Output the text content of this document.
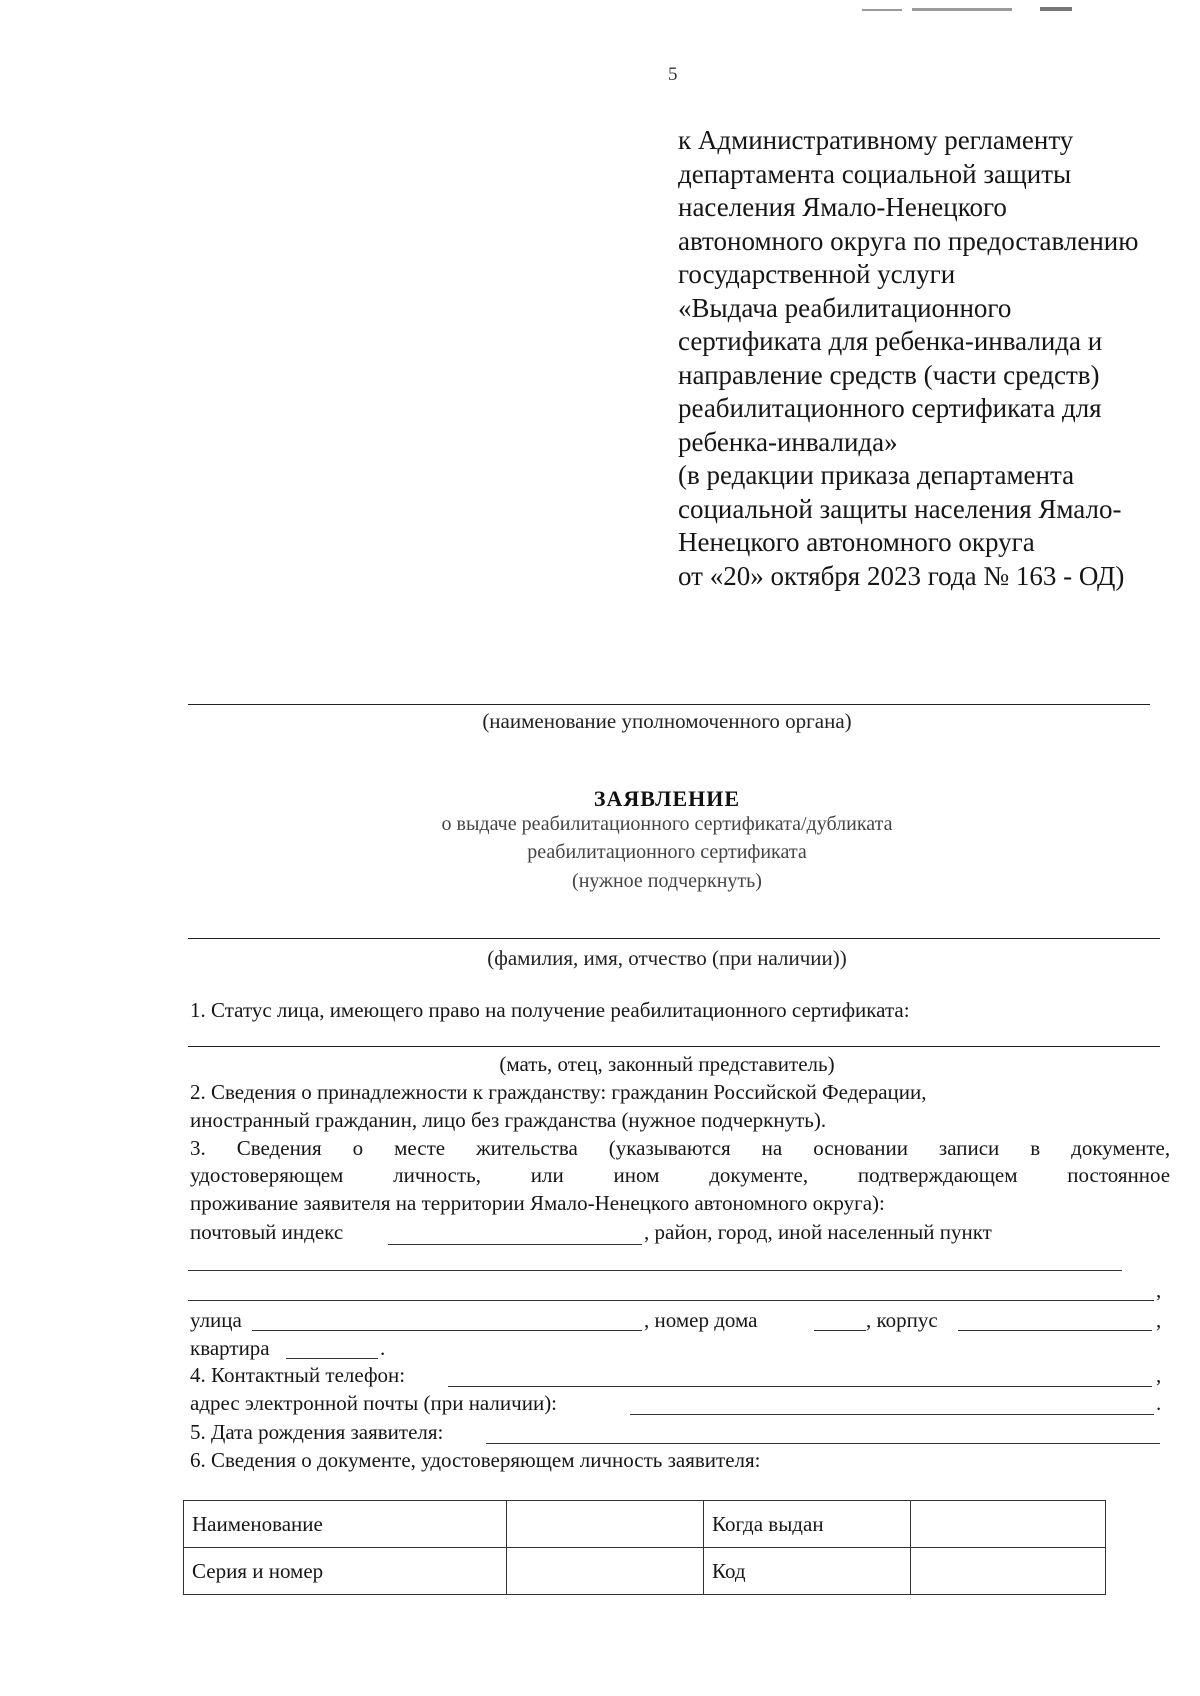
5
к Административному регламенту
департамента социальной защиты
населения Ямало-Ненецкого
автономного округа по предоставлению
государственной услуги
«Выдача реабилитационного
сертификата для ребенка-инвалида и
направление средств (части средств)
реабилитационного сертификата для
ребенка-инвалида»
(в редакции приказа департамента
социальной защиты населения Ямало-
Ненецкого автономного округа
от «20» октября 2023 года № 163 - ОД)
(наименование уполномоченного органа)
ЗАЯВЛЕНИЕ
о выдаче реабилитационного сертификата/дубликата
реабилитационного сертификата
(нужное подчеркнуть)
(фамилия, имя, отчество (при наличии))
1. Статус лица, имеющего право на получение реабилитационного сертификата:
(мать, отец, законный представитель)
2. Сведения о принадлежности к гражданству: гражданин Российской Федерации,
иностранный гражданин, лицо без гражданства (нужное подчеркнуть).
3. Сведения о месте жительства (указываются на основании записи в документе,
удостоверяющем личность, или ином документе, подтверждающем постоянное
проживание заявителя на территории Ямало-Ненецкого автономного округа):
почтовый индекс	, район, город, иной населенный пункт
,
улица	, номер дома	, корпус	,
квартира	.
4. Контактный телефон:	,
адрес электронной почты (при наличии):	.
5. Дата рождения заявителя:
6. Сведения о документе, удостоверяющем личность заявителя:
Наименование		Когда выдан	
Серия и номер		Код	
